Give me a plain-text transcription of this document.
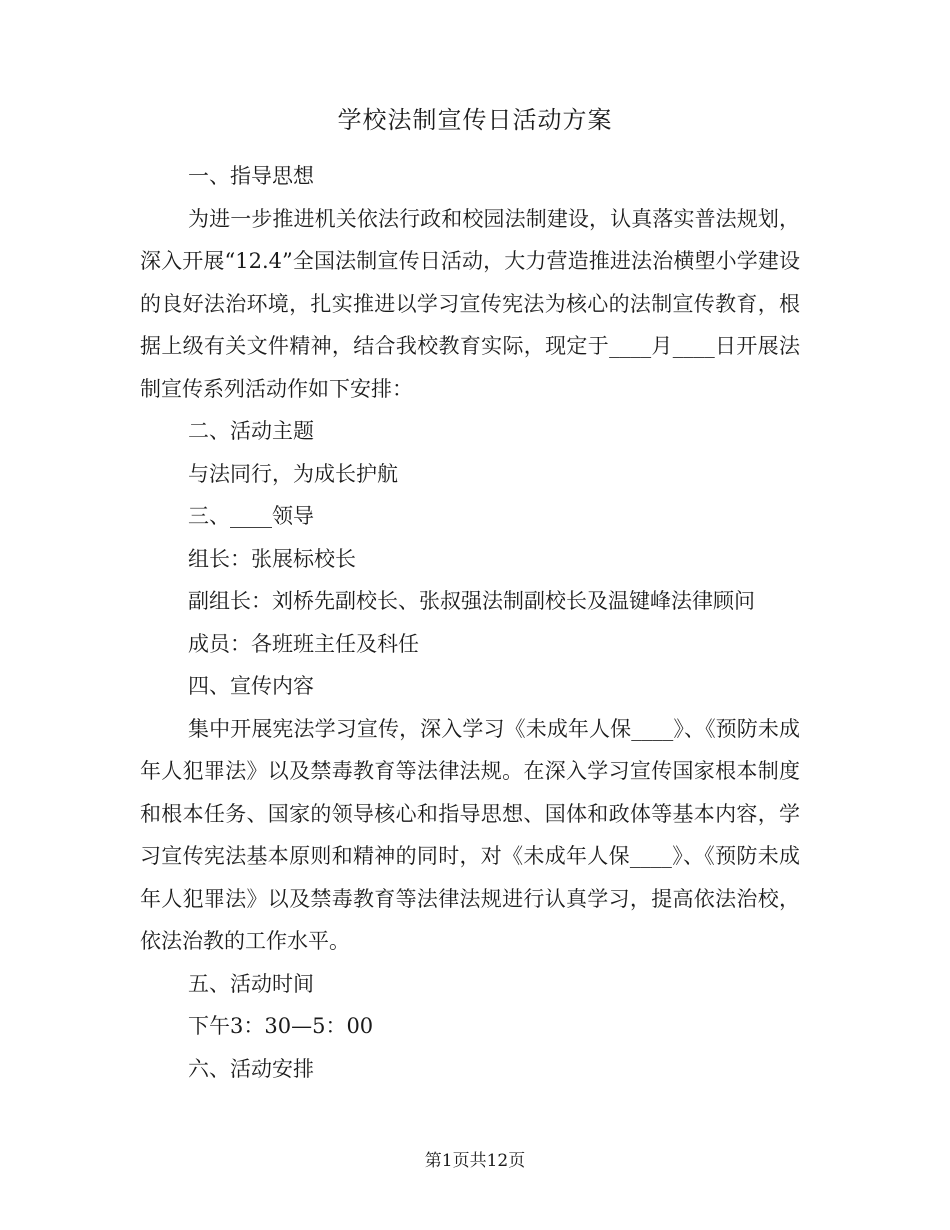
学校法制宣传日活动方案

一、指导思想

为进一步推进机关依法行政和校园法制建设，认真落实普法规划，深入开展“12.4”全国法制宣传日活动，大力营造推进法治横塱小学建设的良好法治环境，扎实推进以学习宣传宪法为核心的法制宣传教育，根据上级有关文件精神，结合我校教育实际，现定于____月____日开展法制宣传系列活动作如下安排：

二、活动主题

与法同行，为成长护航

三、____领导

组长：张展标校长

副组长：刘桥先副校长、张叔强法制副校长及温键峰法律顾问

成员：各班班主任及科任

四、宣传内容

集中开展宪法学习宣传，深入学习《未成年人保____》、《预防未成年人犯罪法》以及禁毒教育等法律法规。在深入学习宣传国家根本制度和根本任务、国家的领导核心和指导思想、国体和政体等基本内容，学习宣传宪法基本原则和精神的同时，对《未成年人保____》、《预防未成年人犯罪法》以及禁毒教育等法律法规进行认真学习，提高依法治校，依法治教的工作水平。

五、活动时间

下午3：30—5：00

六、活动安排

第1页共12页
